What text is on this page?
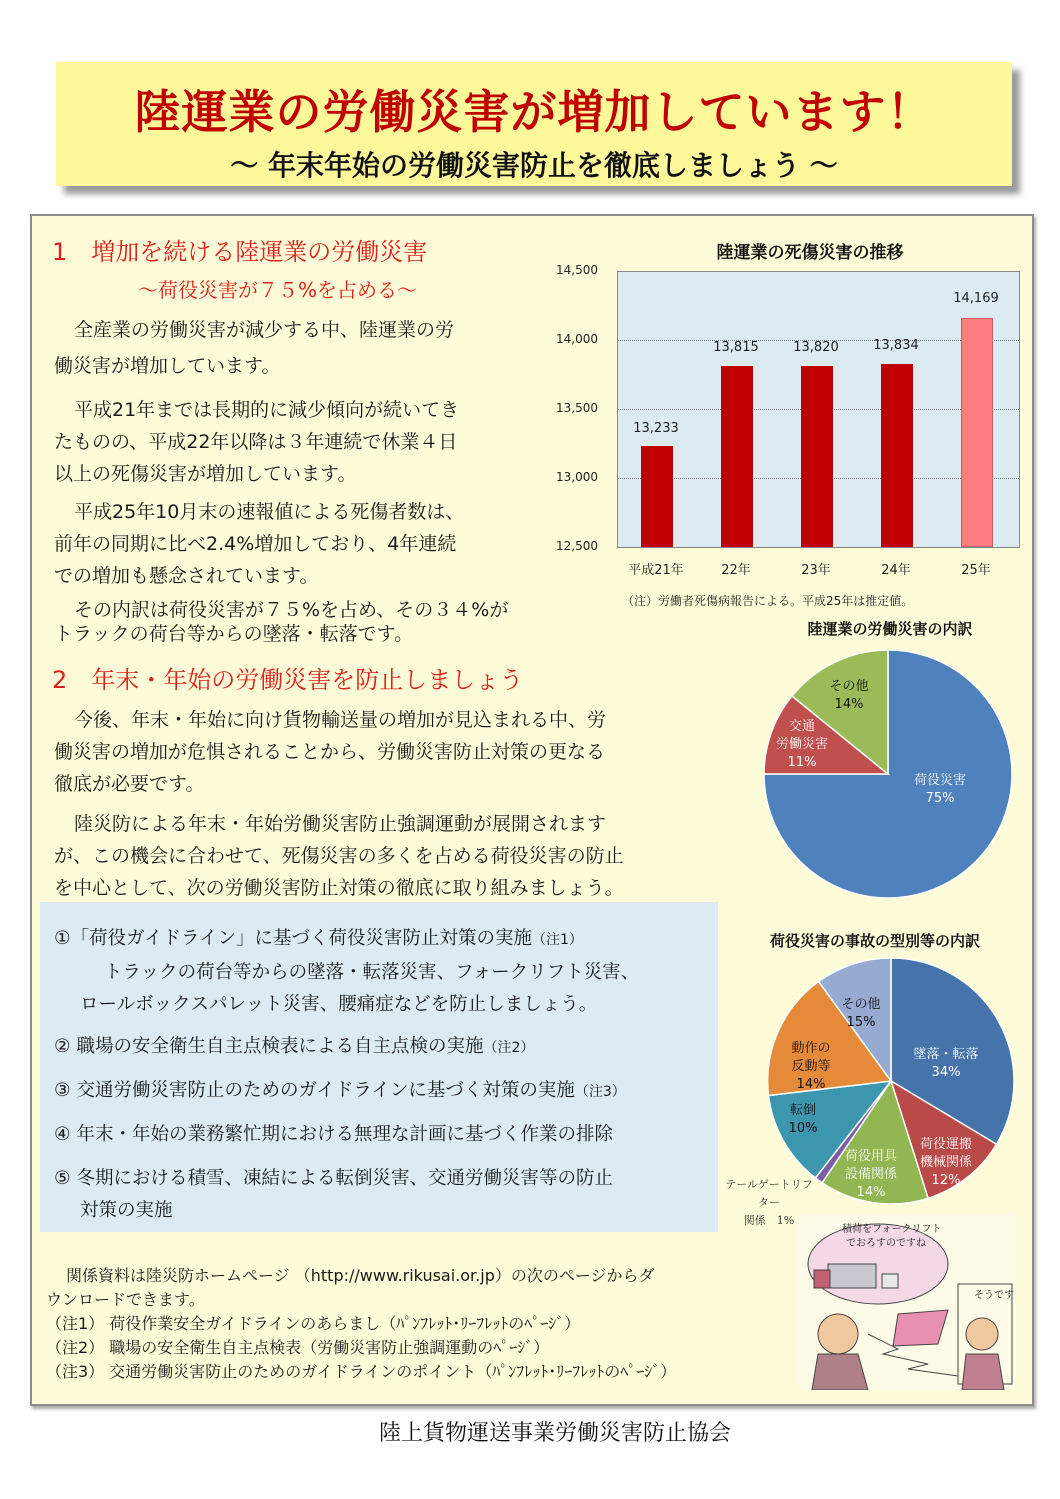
陸運業の労働災害が増加しています！
～ 年末年始の労働災害防止を徹底しましょう ～
1　増加を続ける陸運業の労働災害
～荷役災害が７５%を占める～
全産業の労働災害が減少する中、陸運業の労
働災害が増加しています。
平成21年までは長期的に減少傾向が続いてき
たものの、平成22年以降は３年連続で休業４日
以上の死傷災害が増加しています。
平成25年10月末の速報値による死傷者数は、
前年の同期に比べ2.4%増加しており、4年連続
での増加も懸念されています。
その内訳は荷役災害が７５%を占め、その３４%が
トラックの荷台等からの墜落・転落です。
陸運業の死傷災害の推移
14,500
14,000
13,500
13,000
12,500
13,233
13,815	13,820	13,834
14,169
平成21年	22年	23年	24年	25年
（注）労働者死傷病報告による。平成25年は推定値。
陸運業の労働災害の内訳
荷役災害
75%
交通
労働災害
11%
その他
14%
2　年末・年始の労働災害を防止しましょう
今後、年末・年始に向け貨物輸送量の増加が見込まれる中、労
働災害の増加が危惧されることから、労働災害防止対策の更なる
徹底が必要です。
陸災防による年末・年始労働災害防止強調運動が展開されます
が、この機会に合わせて、死傷災害の多くを占める荷役災害の防止
を中心として、次の労働災害防止対策の徹底に取り組みましょう。
①「荷役ガイドライン」に基づく荷役災害防止対策の実施（注1）
トラックの荷台等からの墜落・転落災害、フォークリフト災害、
ロールボックスパレット災害、腰痛症などを防止しましょう。
② 職場の安全衛生自主点検表による自主点検の実施（注2）
③ 交通労働災害防止のためのガイドラインに基づく対策の実施（注3）
④ 年末・年始の業務繁忙期における無理な計画に基づく作業の排除
⑤ 冬期における積雪、凍結による転倒災害、交通労働災害等の防止
対策の実施
荷役災害の事故の型別等の内訳
墜落・転落
34%
荷役運搬
機械関係
12%
荷役用具
設備関係
14%
転倒
10%
動作の
反動等
14%
その他
15%
テールゲートリフター
関係　1%
積荷をフォークリフト
でおろすのですね
そうです
関係資料は陸災防ホームページ （http://www.rikusai.or.jp）の次のページからダ
ウンロードできます。
（注1） 荷役作業安全ガイドラインのあらまし（ﾊﾟﾝﾌﾚｯﾄ･ﾘｰﾌﾚｯﾄのﾍﾟｰｼﾞ）
（注2） 職場の安全衛生自主点検表（労働災害防止強調運動のﾍﾟｰｼﾞ）
（注3） 交通労働災害防止のためのガイドラインのポイント（ﾊﾟﾝﾌﾚｯﾄ･ﾘｰﾌﾚｯﾄのﾍﾟｰｼﾞ）
陸上貨物運送事業労働災害防止協会
